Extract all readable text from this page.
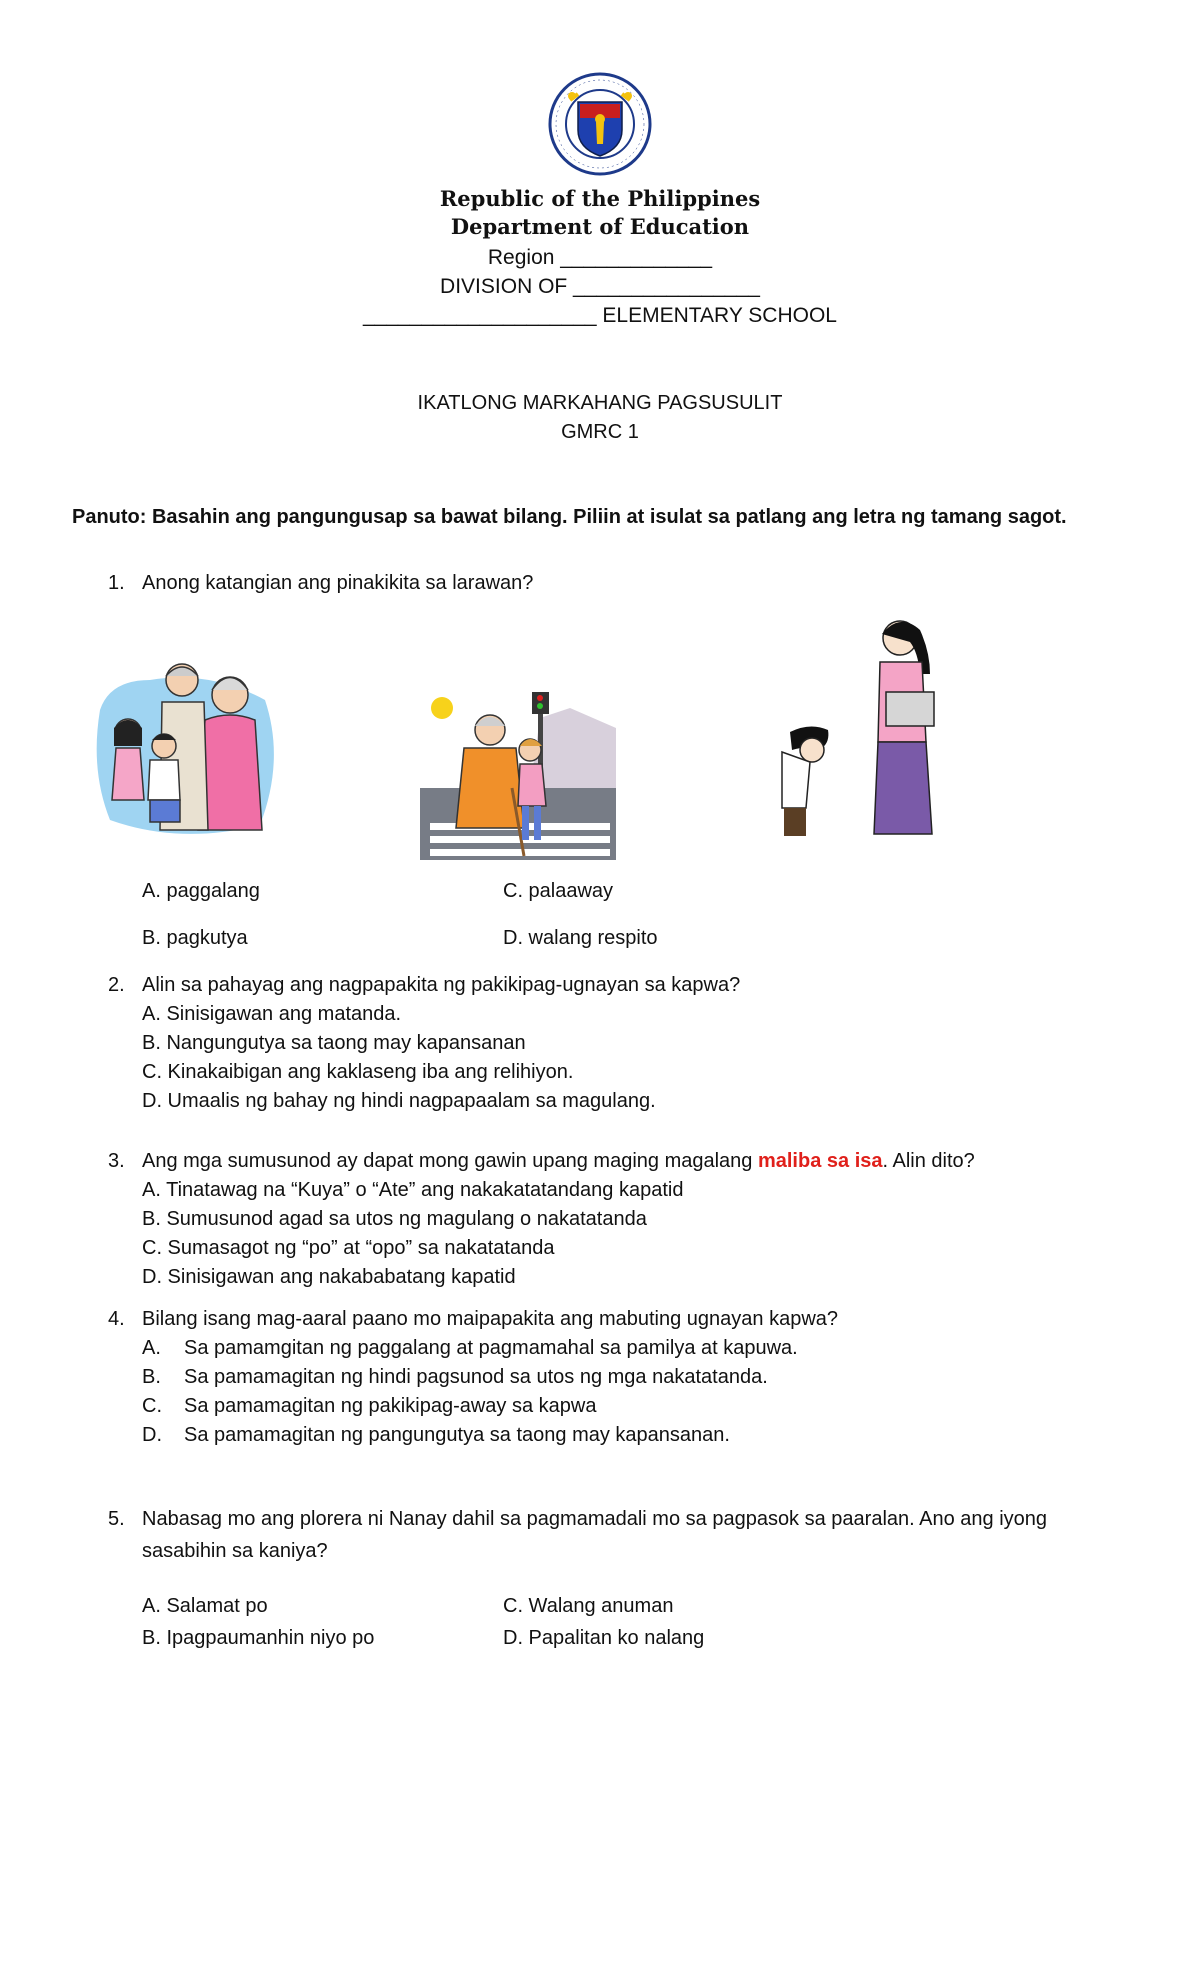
Republic of the Philippines
Department of Education
Region _____________
DIVISION OF ________________
____________________ ELEMENTARY SCHOOL
IKATLONG MARKAHANG PAGSUSULIT
GMRC 1
Panuto: Basahin ang pangungusap sa bawat bilang. Piliin at isulat sa patlang ang letra ng tamang sagot.
1. Anong katangian ang pinakikita sa larawan?
A. paggalang	C. palaaway
B. pagkutya	D. walang respito
2. Alin sa pahayag ang nagpapakita ng pakikipag-ugnayan sa kapwa?
A. Sinisigawan ang matanda.
B. Nangungutya sa taong may kapansanan
C. Kinakaibigan ang kaklaseng iba ang relihiyon.
D. Umaalis ng bahay ng hindi nagpapaalam sa magulang.
3. Ang mga sumusunod ay dapat mong gawin upang maging magalang maliba sa isa. Alin dito?
A. Tinatawag na “Kuya” o “Ate” ang nakakatatandang kapatid
B. Sumusunod agad sa utos ng magulang o nakatatanda
C. Sumasagot ng “po” at “opo” sa nakatatanda
D. Sinisigawan ang nakababatang kapatid
4. Bilang isang mag-aaral paano mo maipapakita ang mabuting ugnayan kapwa?
A. Sa pamamgitan ng paggalang at pagmamahal sa pamilya at kapuwa.
B. Sa pamamagitan ng hindi pagsunod sa utos ng mga nakatatanda.
C. Sa pamamagitan ng pakikipag-away sa kapwa
D. Sa pamamagitan ng pangungutya sa taong may kapansanan.
5. Nabasag mo ang plorera ni Nanay dahil sa pagmamadali mo sa pagpasok sa paaralan. Ano ang iyong
sasabihin sa kaniya?
A. Salamat po	C. Walang anuman
B. Ipagpaumanhin niyo po	D. Papalitan ko nalang
